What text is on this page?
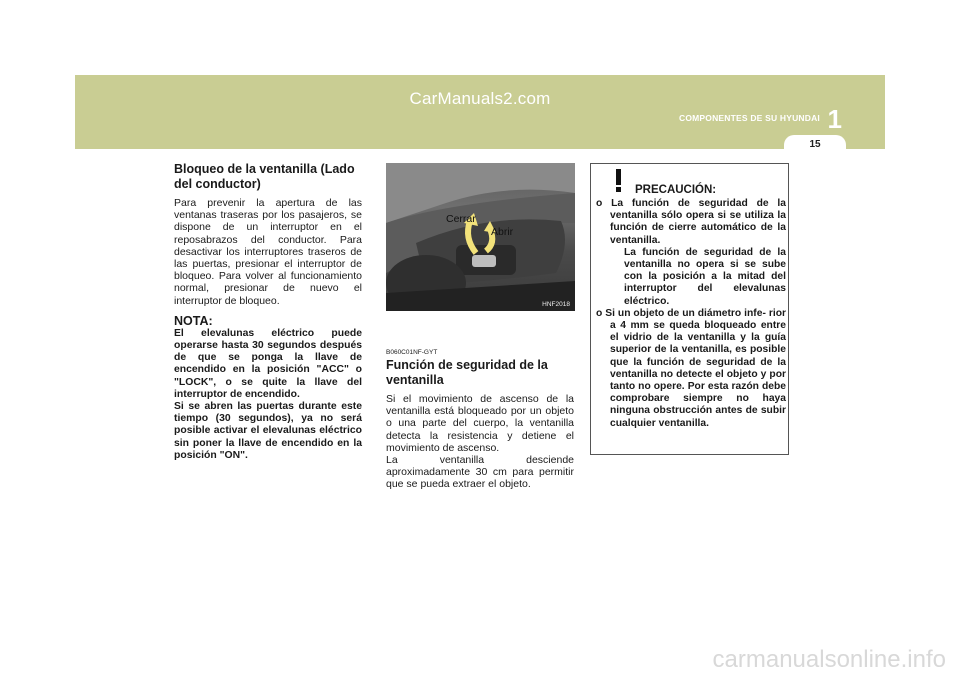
CarManuals2.com
COMPONENTES DE SU HYUNDAI 1
15
Bloqueo de la ventanilla (Lado del conductor)

Para prevenir la apertura de las ventanas traseras por los pasajeros, se dispone de un interruptor en el reposabrazos del conductor. Para desactivar los interruptores traseros de las puertas, presionar el interruptor de bloqueo. Para volver al funcionamiento normal, presionar de nuevo el interruptor de bloqueo.

NOTA:

El elevalunas eléctrico puede operarse hasta 30 segundos después de que se ponga la llave de encendido en la posición "ACC" o "LOCK", o se quite la llave del interruptor de encendido.

Si se abren las puertas durante este tiempo (30 segundos), ya no será posible activar el elevalunas eléctrico sin poner la llave de encendido en la posición "ON".

Cerrar
Abrir
HNF2018
B060C01NF-GYT
Función de seguridad de la ventanilla

Si el movimiento de ascenso de la ventanilla está bloqueado por un objeto o una parte del cuerpo, la ventanilla detecta la resistencia y detiene el movimiento de ascenso.

La ventanilla desciende aproximadamente 30 cm para permitir que se pueda extraer el objeto.

PRECAUCIÓN:
o La función de seguridad de la ventanilla sólo opera si se utiliza la función de cierre automático de la ventanilla.

La función de seguridad de la ventanilla no opera si se sube con la posición a la mitad del interruptor del elevalunas eléctrico.

o Si un objeto de un diámetro infe- rior a 4 mm se queda bloqueado entre el vidrio de la ventanilla y la guía superior de la ventanilla, es posible que la función de seguridad de la ventanilla no detecte el objeto y por tanto no opere. Por esta razón debe comprobare siempre no haya ninguna obstrucción antes de subir cualquier ventanilla.
carmanualsonline.info
